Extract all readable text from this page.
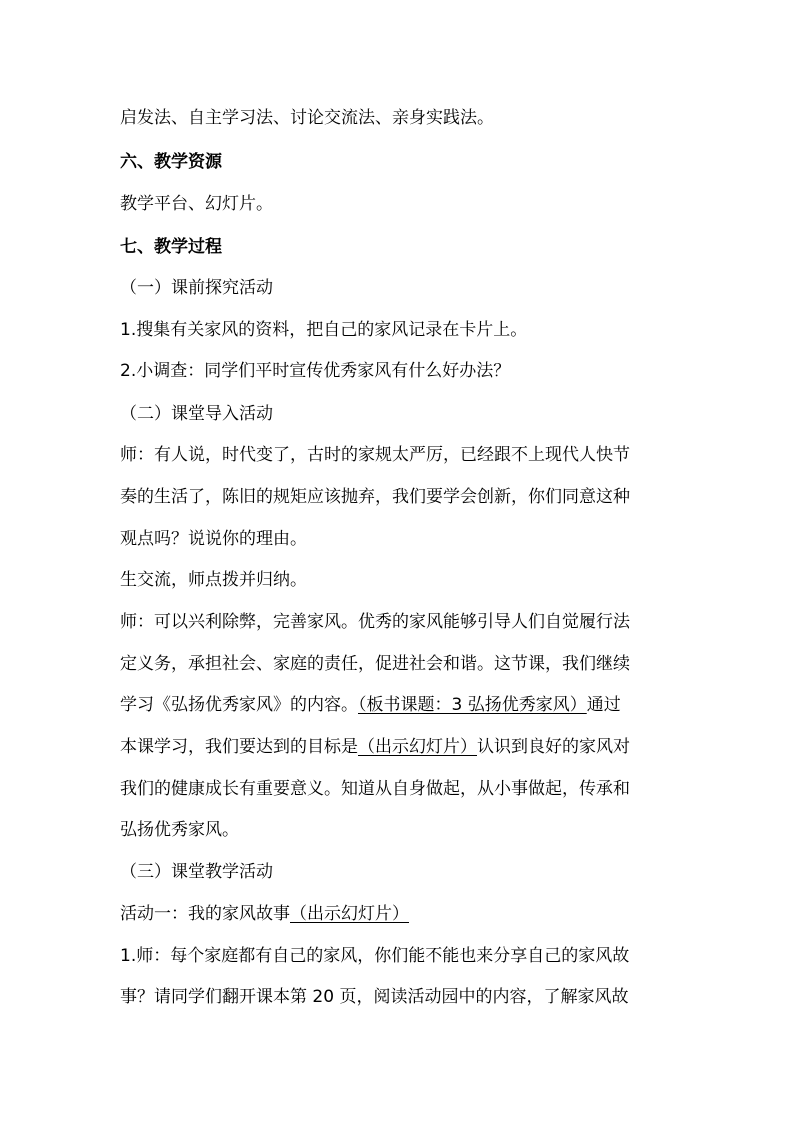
启发法、自主学习法、讨论交流法、亲身实践法。
六、教学资源
教学平台、幻灯片。
七、教学过程
（一）课前探究活动
1.搜集有关家风的资料，把自己的家风记录在卡片上。
2.小调查：同学们平时宣传优秀家风有什么好办法？
（二）课堂导入活动
师：有人说，时代变了，古时的家规太严厉，已经跟不上现代人快节
奏的生活了，陈旧的规矩应该抛弃，我们要学会创新，你们同意这种
观点吗？说说你的理由。
生交流，师点拨并归纳。
师：可以兴利除弊，完善家风。优秀的家风能够引导人们自觉履行法
定义务，承担社会、家庭的责任，促进社会和谐。这节课，我们继续
学习《弘扬优秀家风》的内容。（板书课题：3 弘扬优秀家风）通过
本课学习，我们要达到的目标是（出示幻灯片）认识到良好的家风对
我们的健康成长有重要意义。知道从自身做起，从小事做起，传承和
弘扬优秀家风。
（三）课堂教学活动
活动一：我的家风故事（出示幻灯片）
1.师：每个家庭都有自己的家风，你们能不能也来分享自己的家风故
事？请同学们翻开课本第 20 页，阅读活动园中的内容，了解家风故
